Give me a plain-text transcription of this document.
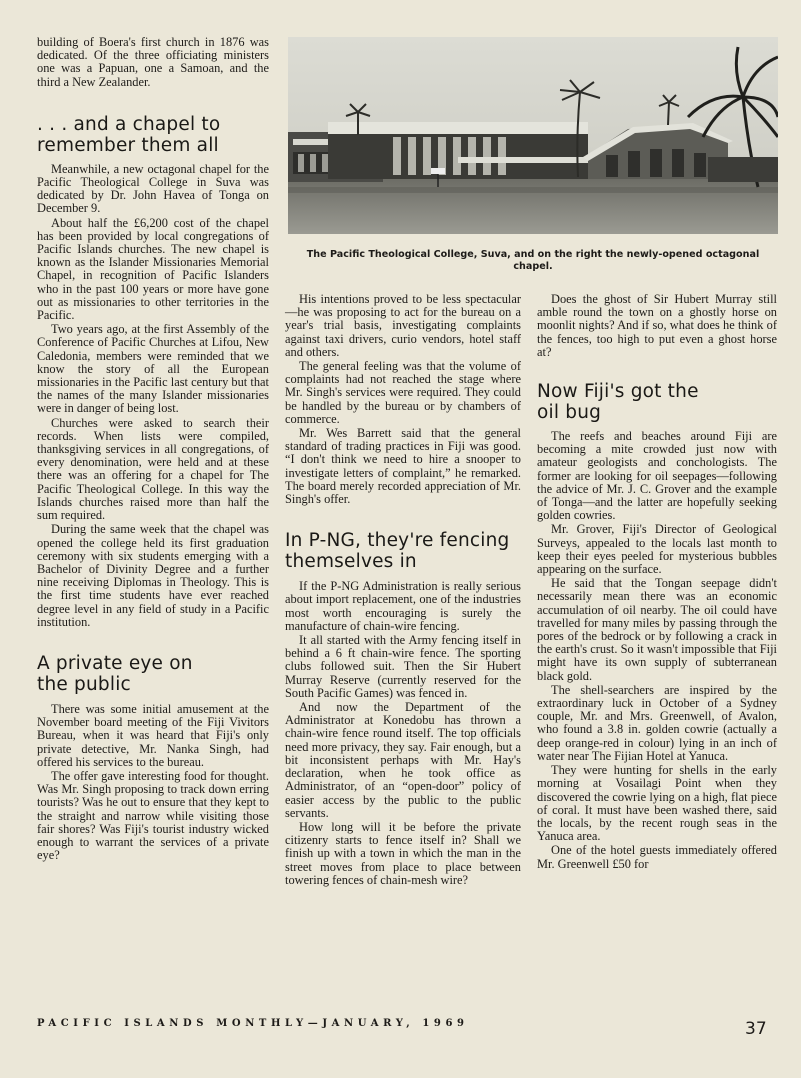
building of Boera's first church in 1876 was dedicated. Of the three officiating ministers one was a Papuan, one a Samoan, and the third a New Zealander.

. . . and a chapel to remember them all

Meanwhile, a new octagonal chapel for the Pacific Theological College in Suva was dedicated by Dr. John Havea of Tonga on December 9.

About half the £6,200 cost of the chapel has been provided by local congregations of Pacific Islands churches. The new chapel is known as the Islander Missionaries Memorial Chapel, in recognition of Pacific Islanders who in the past 100 years or more have gone out as missionaries to other territories in the Pacific.

Two years ago, at the first Assembly of the Conference of Pacific Churches at Lifou, New Caledonia, members were reminded that we know the story of all the European missionaries in the Pacific last century but that the names of the many Islander missionaries were in danger of being lost.

Churches were asked to search their records. When lists were compiled, thanksgiving services in all congregations, of every denomination, were held and at these there was an offering for a chapel for The Pacific Theological College. In this way the Islands churches raised more than half the sum required.

During the same week that the chapel was opened the college held its first graduation ceremony with six students emerging with a Bachelor of Divinity Degree and a further nine receiving Diplomas in Theology. This is the first time students have ever reached degree level in any field of study in a Pacific institution.

A private eye on the public

There was some initial amusement at the November board meeting of the Fiji Vivitors Bureau, when it was heard that Fiji's only private detective, Mr. Nanka Singh, had offered his services to the bureau.

The offer gave interesting food for thought. Was Mr. Singh proposing to track down erring tourists? Was he out to ensure that they kept to the straight and narrow while visiting those fair shores? Was Fiji's tourist industry wicked enough to warrant the services of a private eye?

The Pacific Theological College, Suva, and on the right the newly-opened octagonal chapel.

His intentions proved to be less spectacular—he was proposing to act for the bureau on a year's trial basis, investigating complaints against taxi drivers, curio vendors, hotel staff and others.

The general feeling was that the volume of complaints had not reached the stage where Mr. Singh's services were required. They could be handled by the bureau or by chambers of commerce.

Mr. Wes Barrett said that the general standard of trading practices in Fiji was good. “I don't think we need to hire a snooper to investigate letters of complaint,” he remarked. The board merely recorded appreciation of Mr. Singh's offer.

In P-NG, they're fencing themselves in

If the P-NG Administration is really serious about import replacement, one of the industries most worth encouraging is surely the manufacture of chain-wire fencing.

It all started with the Army fencing itself in behind a 6 ft chain-wire fence. The sporting clubs followed suit. Then the Sir Hubert Murray Reserve (currently reserved for the South Pacific Games) was fenced in.

And now the Department of the Administrator at Konedobu has thrown a chain-wire fence round itself. The top officials need more privacy, they say. Fair enough, but a bit inconsistent perhaps with Mr. Hay's declaration, when he took office as Administrator, of an “open-door” policy of easier access by the public to the public servants.

How long will it be before the private citizenry starts to fence itself in? Shall we finish up with a town in which the man in the street moves from place to place between towering fences of chain-mesh wire?

Does the ghost of Sir Hubert Murray still amble round the town on a ghostly horse on moonlit nights? And if so, what does he think of the fences, too high to put even a ghost horse at?

Now Fiji's got the oil bug

The reefs and beaches around Fiji are becoming a mite crowded just now with amateur geologists and conchologists. The former are looking for oil seepages—following the advice of Mr. J. C. Grover and the example of Tonga—and the latter are hopefully seeking golden cowries.

Mr. Grover, Fiji's Director of Geological Surveys, appealed to the locals last month to keep their eyes peeled for mysterious bubbles appearing on the surface.

He said that the Tongan seepage didn't necessarily mean there was an economic accumulation of oil nearby. The oil could have travelled for many miles by passing through the pores of the bedrock or by following a crack in the earth's crust. So it wasn't impossible that Fiji might have its own supply of subterranean black gold.

The shell-searchers are inspired by the extraordinary luck in October of a Sydney couple, Mr. and Mrs. Greenwell, of Avalon, who found a 3.8 in. golden cowrie (actually a deep orange-red in colour) lying in an inch of water near The Fijian Hotel at Yanuca.

They were hunting for shells in the early morning at Vosailagi Point when they discovered the cowrie lying on a high, flat piece of coral. It must have been washed there, said the locals, by the recent rough seas in the Yanuca area.

One of the hotel guests immediately offered Mr. Greenwell £50 for

PACIFIC ISLANDS MONTHLY—JANUARY, 1969	37
